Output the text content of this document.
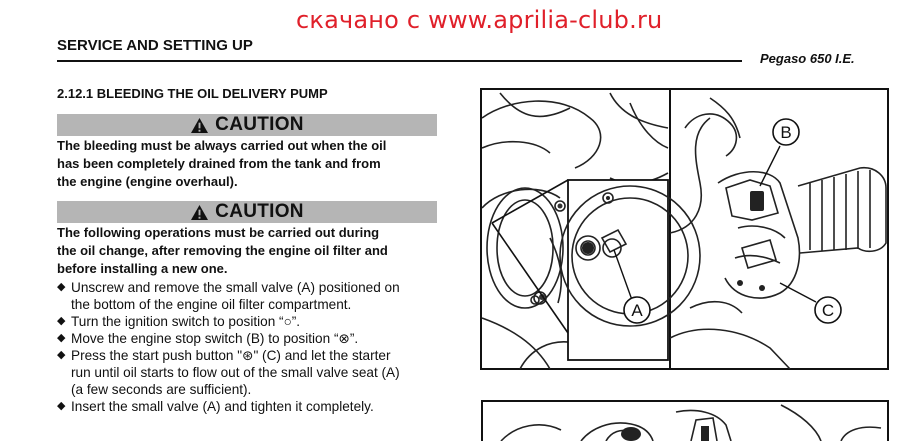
скачано с www.aprilia-club.ru
SERVICE AND SETTING UP
Pegaso 650 I.E.
2.12.1 BLEEDING THE OIL DELIVERY PUMP
CAUTION
The bleeding must be always carried out when the oil
has been completely drained from the tank and from
the engine (engine overhaul).
CAUTION
The following operations must be carried out during
the oil change, after removing the engine oil filter and
before installing a new one.
◆ Unscrew and remove the small valve (A) positioned on
the bottom of the engine oil filter compartment.
◆ Turn the ignition switch to position “○”.
◆ Move the engine stop switch (B) to position “⊗”.
◆ Press the start push button "⊛" (C) and let the starter
run until oil starts to flow out of the small valve seat (A)
(a few seconds are sufficient).
◆ Insert the small valve (A) and tighten it completely.
A
B
C
